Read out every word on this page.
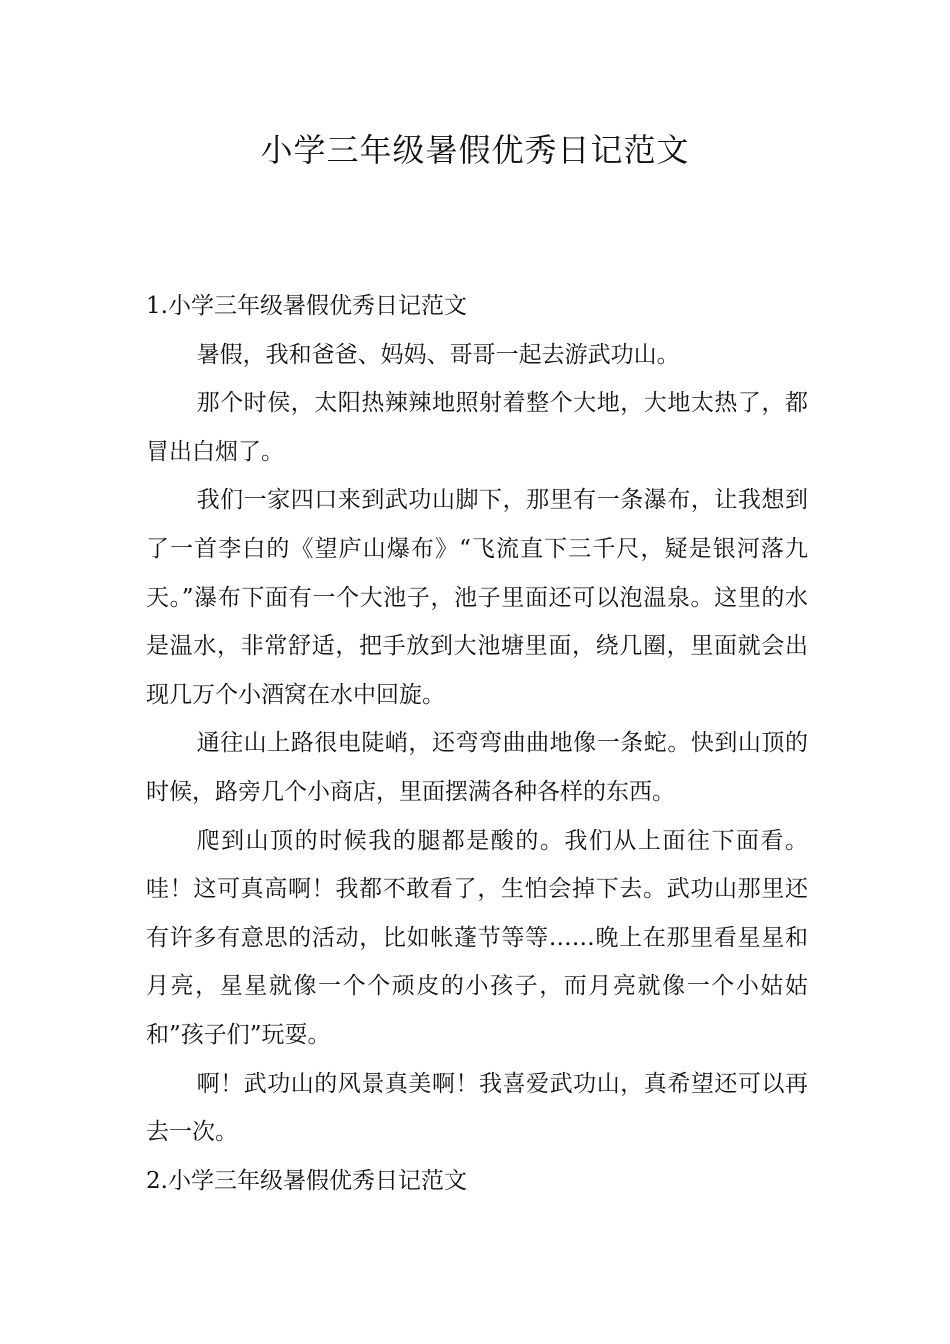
小学三年级暑假优秀日记范文

1.小学三年级暑假优秀日记范文

暑假，我和爸爸、妈妈、哥哥一起去游武功山。

那个时侯，太阳热辣辣地照射着整个大地，大地太热了，都冒出白烟了。

我们一家四口来到武功山脚下，那里有一条瀑布，让我想到了一首李白的《望庐山爆布》“飞流直下三千尺，疑是银河落九天。”瀑布下面有一个大池子，池子里面还可以泡温泉。这里的水是温水，非常舒适，把手放到大池塘里面，绕几圈，里面就会出现几万个小酒窝在水中回旋。

通往山上路很电陡峭，还弯弯曲曲地像一条蛇。快到山顶的时候，路旁几个小商店，里面摆满各种各样的东西。

爬到山顶的时候我的腿都是酸的。我们从上面往下面看。哇！这可真高啊！我都不敢看了，生怕会掉下去。武功山那里还有许多有意思的活动，比如帐蓬节等等……晚上在那里看星星和月亮，星星就像一个个顽皮的小孩子，而月亮就像一个小姑姑和”孩子们”玩耍。

啊！武功山的风景真美啊！我喜爱武功山，真希望还可以再去一次。

2.小学三年级暑假优秀日记范文
